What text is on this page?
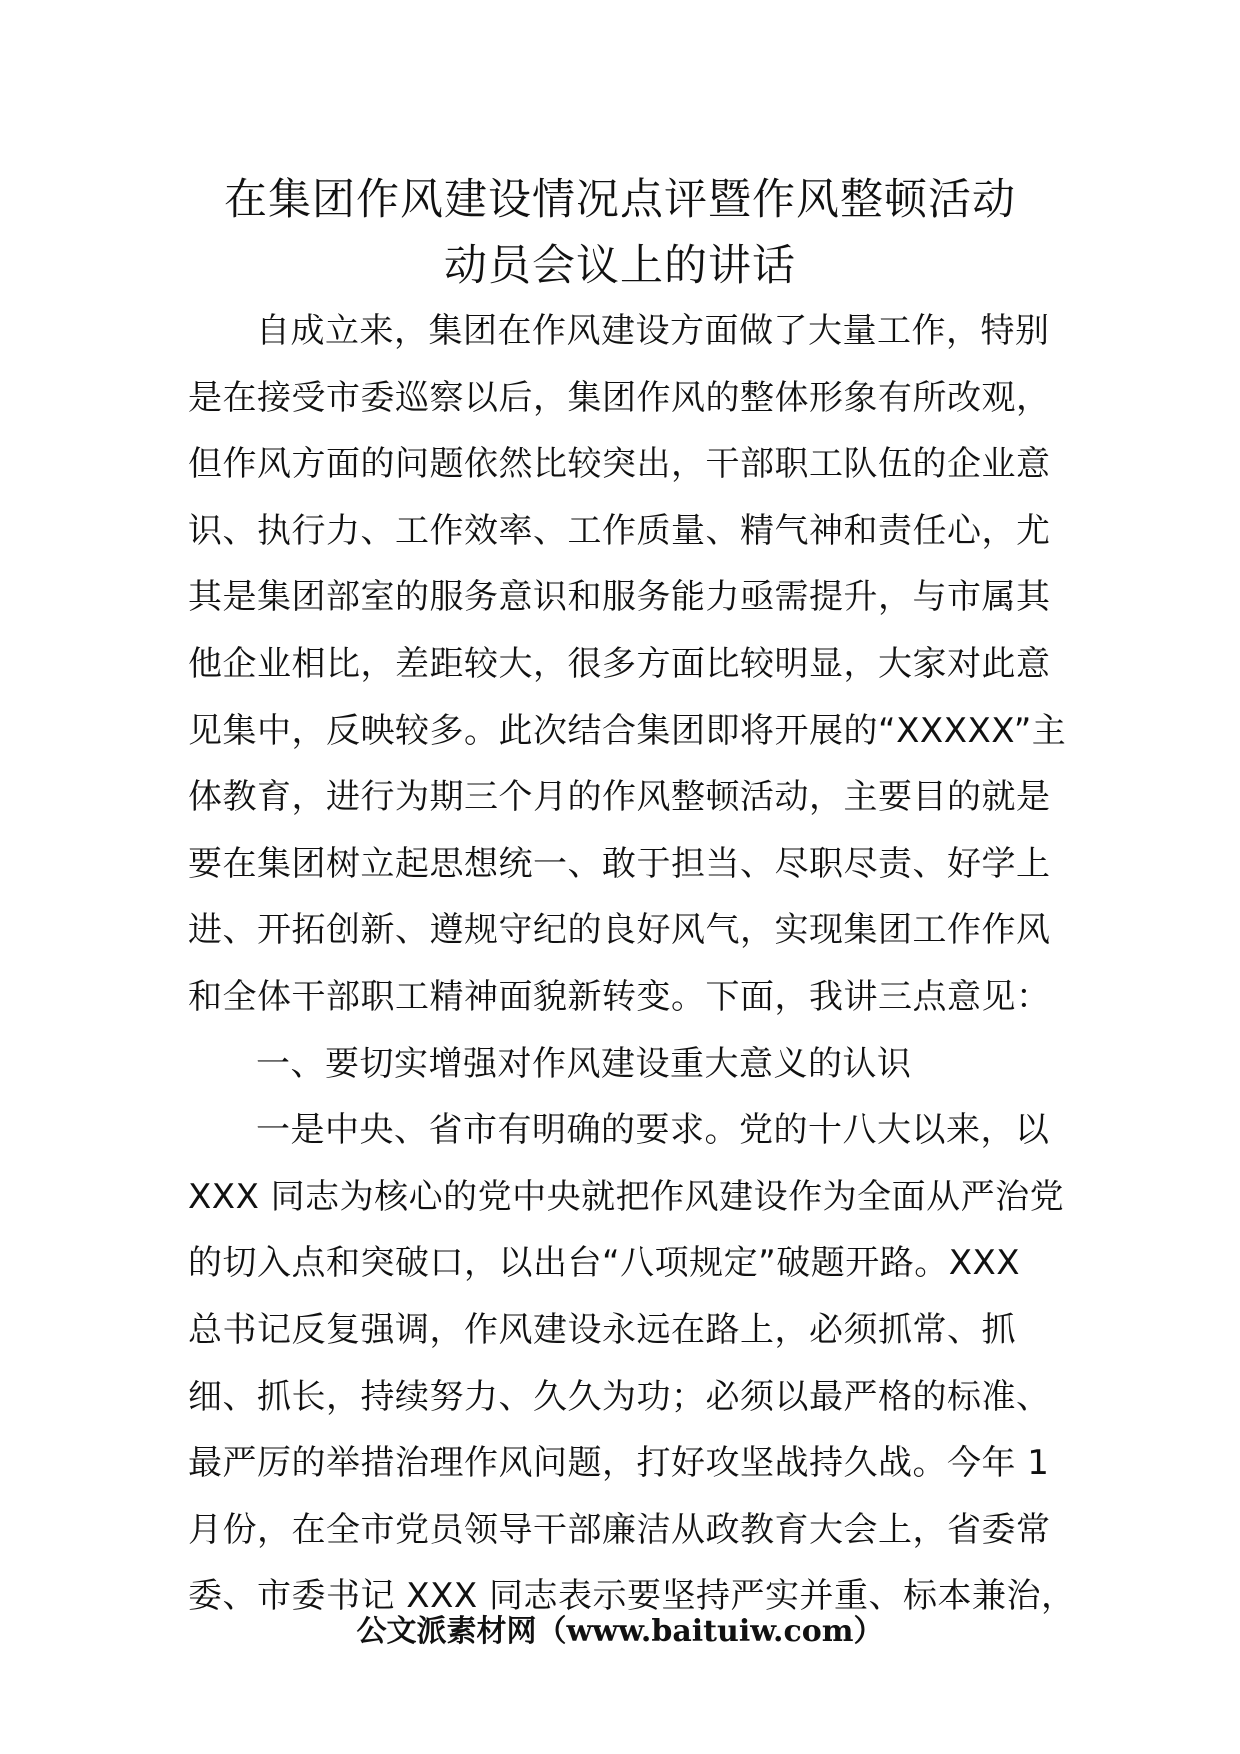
在集团作风建设情况点评暨作风整顿活动
动员会议上的讲话
自成立来，集团在作风建设方面做了大量工作，特别
是在接受市委巡察以后，集团作风的整体形象有所改观，
但作风方面的问题依然比较突出，干部职工队伍的企业意
识、执行力、工作效率、工作质量、精气神和责任心，尤
其是集团部室的服务意识和服务能力亟需提升，与市属其
他企业相比，差距较大，很多方面比较明显，大家对此意
见集中，反映较多。此次结合集团即将开展的“XXXXX”主
体教育，进行为期三个月的作风整顿活动，主要目的就是
要在集团树立起思想统一、敢于担当、尽职尽责、好学上
进、开拓创新、遵规守纪的良好风气，实现集团工作作风
和全体干部职工精神面貌新转变。下面，我讲三点意见：
一、要切实增强对作风建设重大意义的认识
一是中央、省市有明确的要求。党的十八大以来，以
XXX 同志为核心的党中央就把作风建设作为全面从严治党
的切入点和突破口，以出台“八项规定”破题开路。XXX
总书记反复强调，作风建设永远在路上，必须抓常、抓
细、抓长，持续努力、久久为功；必须以最严格的标准、
最严厉的举措治理作风问题，打好攻坚战持久战。今年 1
月份，在全市党员领导干部廉洁从政教育大会上，省委常
委、市委书记 XXX 同志表示要坚持严实并重、标本兼治，
公文派素材网（www.baituiw.com）
